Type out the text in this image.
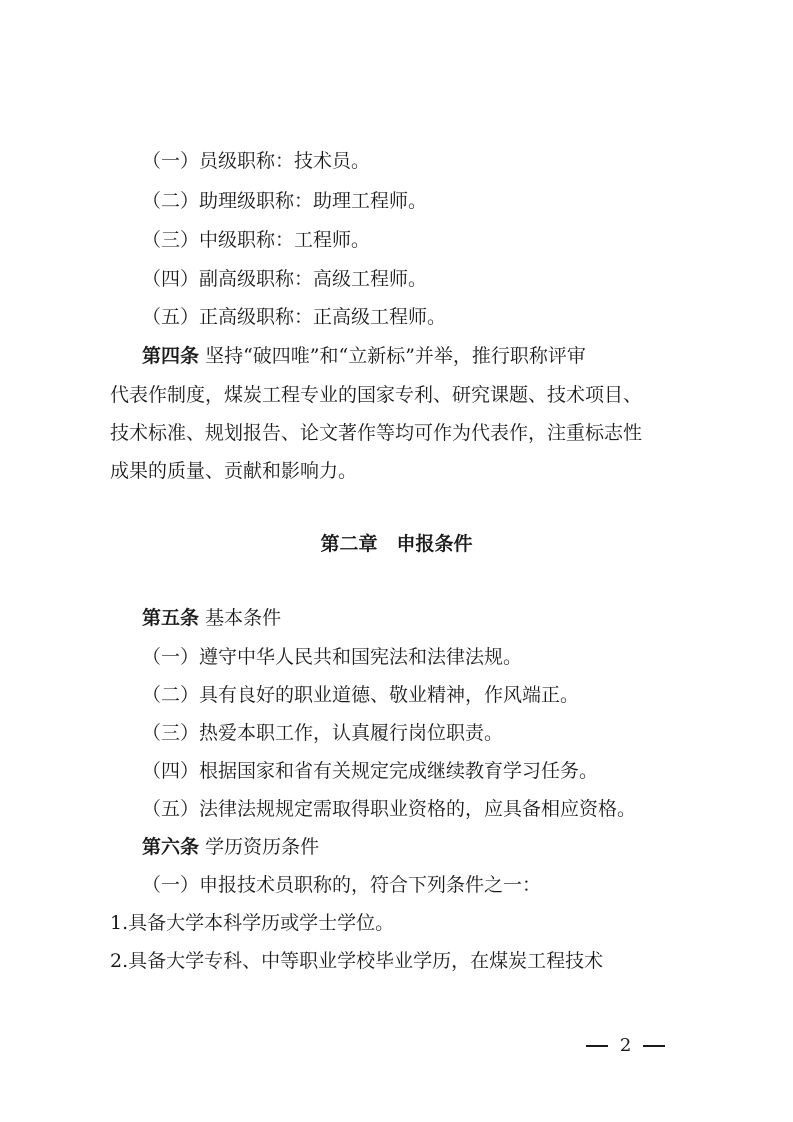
（一）员级职称：技术员。
（二）助理级职称：助理工程师。
（三）中级职称：工程师。
（四）副高级职称：高级工程师。
（五）正高级职称：正高级工程师。
第四条 坚持“破四唯”和“立新标”并举，推行职称评审
代表作制度，煤炭工程专业的国家专利、研究课题、技术项目、
技术标准、规划报告、论文著作等均可作为代表作，注重标志性
成果的质量、贡献和影响力。
第二章　申报条件
第五条 基本条件
（一）遵守中华人民共和国宪法和法律法规。
（二）具有良好的职业道德、敬业精神，作风端正。
（三）热爱本职工作，认真履行岗位职责。
（四）根据国家和省有关规定完成继续教育学习任务。
（五）法律法规规定需取得职业资格的，应具备相应资格。
第六条 学历资历条件
（一）申报技术员职称的，符合下列条件之一：
1.具备大学本科学历或学士学位。
2.具备大学专科、中等职业学校毕业学历，在煤炭工程技术
2
